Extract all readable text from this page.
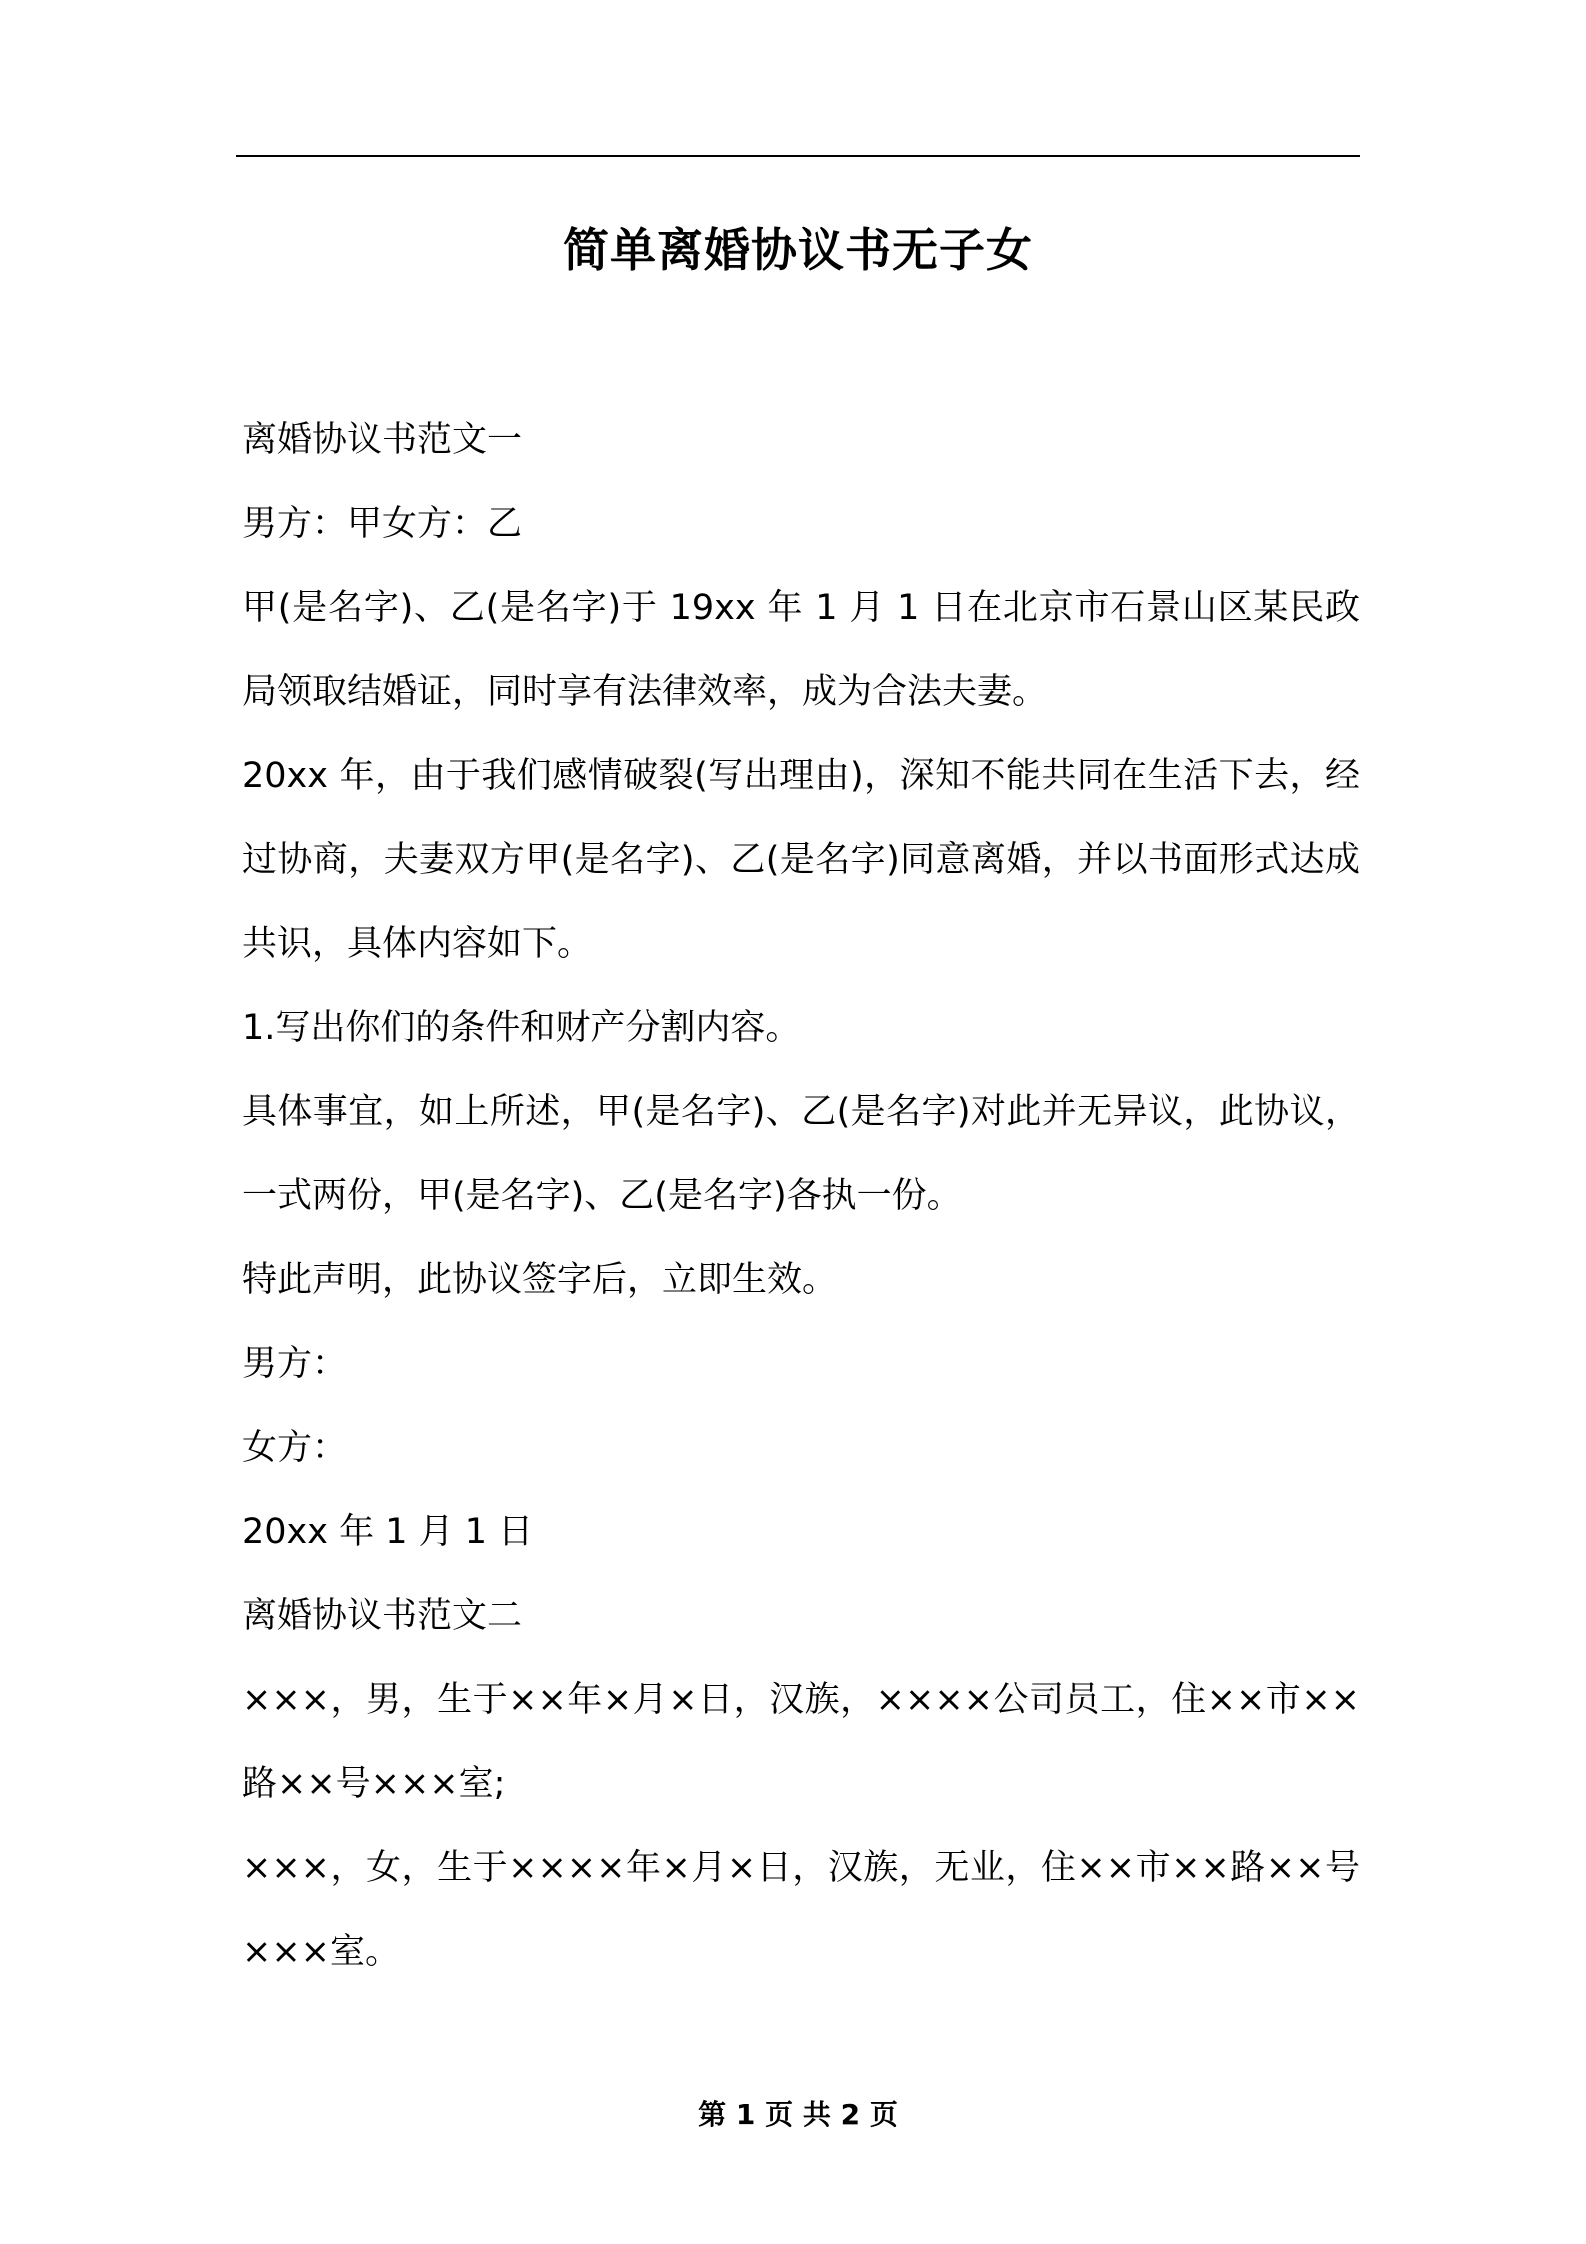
简单离婚协议书无子女

离婚协议书范文一

男方：甲女方：乙

甲(是名字)、乙(是名字)于 19xx 年 1 月 1 日在北京市石景山区某民政局领取结婚证，同时享有法律效率，成为合法夫妻。

20xx 年，由于我们感情破裂(写出理由)，深知不能共同在生活下去，经过协商，夫妻双方甲(是名字)、乙(是名字)同意离婚，并以书面形式达成共识，具体内容如下。

1.写出你们的条件和财产分割内容。

具体事宜，如上所述，甲(是名字)、乙(是名字)对此并无异议，此协议，一式两份，甲(是名字)、乙(是名字)各执一份。

特此声明，此协议签字后，立即生效。

男方：

女方：

20xx 年 1 月 1 日

离婚协议书范文二

×××，男，生于××年×月×日，汉族，××××公司员工，住××市××路××号×××室;

×××，女，生于××××年×月×日，汉族，无业，住××市××路××号×××室。

第 1 页 共 2 页
